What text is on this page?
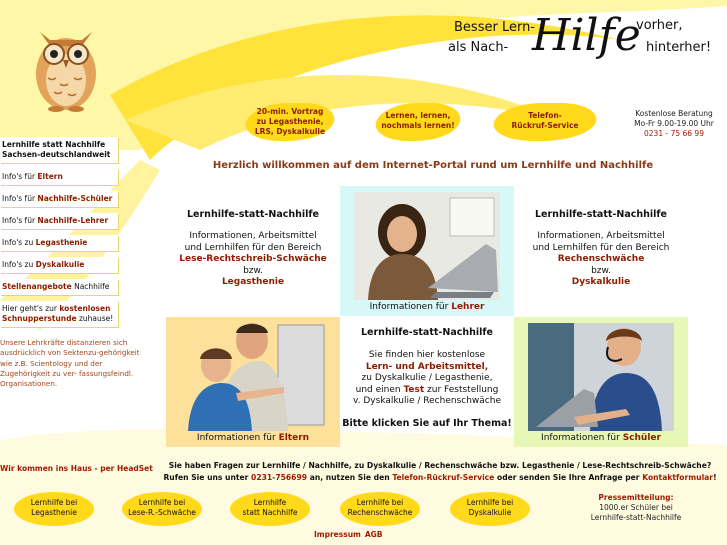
Besser Lern-
als Nach- Hilfe
vorher,
hinterher!
20-min. Vortrag
zu Legasthenie,
LRS, Dyskalkulie
Lernen, lernen,
nochmals lernen!
Telefon-
Rückruf-Service
Kostenlose Beratung
Mo-Fr 9.00-19.00 Uhr
0231 - 75 66 99
Lernhilfe statt Nachhilfe Sachsen-deutschlandweit
Info's für Eltern
Info's für Nachhilfe-Schüler
Info's für Nachhilfe-Lehrer
Info's zu Legasthenie
Info's zu Dyskalkulie
Stellenangebote Nachhilfe
Hier geht's zur kostenlosen Schnupperstunde zuhause!
Unsere Lehrkräfte distanzieren sich ausdrücklich von Sektenzu-gehörigkeit wie z.B. Scientology und der Zugehörigkeit zu ver- fassungsfeindl. Organisationen.
Wir kommen ins Haus - per HeadSet
Herzlich willkommen auf dem Internet-Portal rund um Lernhilfe und Nachhilfe
Lernhilfe-statt-Nachhilfe
Informationen, Arbeitsmittel
und Lernhilfen für den Bereich
Lese-Rechtschreib-Schwäche
bzw.
Legasthenie
Informationen für Lehrer
Lernhilfe-statt-Nachhilfe
Informationen, Arbeitsmittel
und Lernhilfen für den Bereich
Rechenschwäche
bzw.
Dyskalkulie
Informationen für Eltern
Lernhilfe-statt-Nachhilfe
Sie finden hier kostenlose
Lern- und Arbeitsmittel,
zu Dyskalkulie / Legasthenie,
und einen Test zur Feststellung
v. Dyskalkulie / Rechenschwäche
Bitte klicken Sie auf Ihr Thema!
Informationen für Schüler
Sie haben Fragen zur Lernhilfe / Nachhilfe, zu Dyskalkulie / Rechenschwäche bzw. Legasthenie / Lese-Rechtschreib-Schwäche?
Rufen Sie uns unter 0231-756699 an, nutzen Sie den Telefon-Rückruf-Service oder senden Sie Ihre Anfrage per Kontaktformular!
Lernhilfe bei
Legasthenie
Lernhilfe bei
Lese-R.-Schwäche
Lernhilfe
statt Nachhilfe
Lernhilfe bei
Rechenschwäche
Lernhilfe bei
Dyskalkulie
Pressemitteilung:
1000.er Schüler bei
Lernhilfe-statt-Nachhilfe
Impressum AGB
